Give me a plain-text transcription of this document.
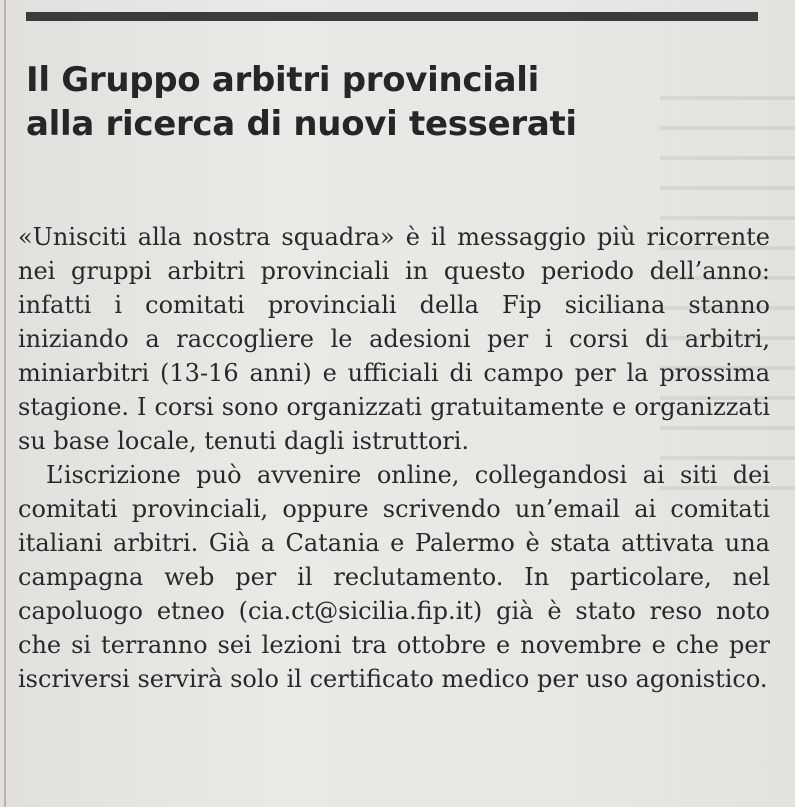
Il Gruppo arbitri provinciali
alla ricerca di nuovi tesserati

«Unisciti alla nostra squadra» è il messaggio più ricorrente nei gruppi arbitri provinciali in questo periodo dell’anno: infatti i comitati provinciali della Fip siciliana stanno iniziando a raccogliere le adesioni per i corsi di arbitri, miniarbitri (13-16 anni) e ufficiali di campo per la prossima stagione. I corsi sono organizzati gratuitamente e organizzati su base locale, tenuti dagli istruttori.

L’iscrizione può avvenire online, collegandosi ai siti dei comitati provinciali, oppure scrivendo un’email ai comitati italiani arbitri. Già a Catania e Palermo è stata attivata una campagna web per il reclutamento. In particolare, nel capoluogo etneo (cia.ct@sicilia.fip.it) già è stato reso noto che si terranno sei lezioni tra ottobre e novembre e che per iscriversi servirà solo il certificato medico per uso agonistico.
